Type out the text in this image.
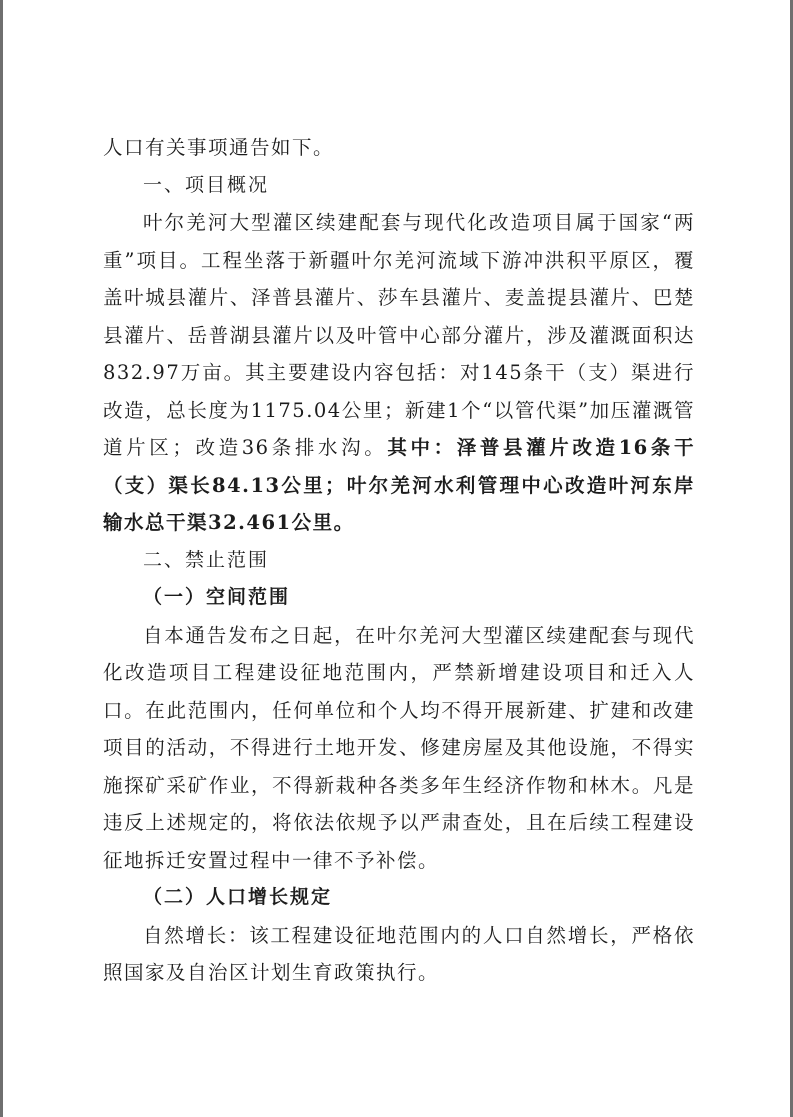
人口有关事项通告如下。

一、项目概况

叶尔羌河大型灌区续建配套与现代化改造项目属于国家“两重”项目。工程坐落于新疆叶尔羌河流域下游冲洪积平原区，覆盖叶城县灌片、泽普县灌片、莎车县灌片、麦盖提县灌片、巴楚县灌片、岳普湖县灌片以及叶管中心部分灌片，涉及灌溉面积达832.97万亩。其主要建设内容包括：对145条干（支）渠进行改造，总长度为1175.04公里；新建1个“以管代渠”加压灌溉管道片区；改造36条排水沟。其中：泽普县灌片改造16条干（支）渠长84.13公里；叶尔羌河水利管理中心改造叶河东岸输水总干渠32.461公里。

二、禁止范围

（一）空间范围

自本通告发布之日起，在叶尔羌河大型灌区续建配套与现代化改造项目工程建设征地范围内，严禁新增建设项目和迁入人口。在此范围内，任何单位和个人均不得开展新建、扩建和改建项目的活动，不得进行土地开发、修建房屋及其他设施，不得实施探矿采矿作业，不得新栽种各类多年生经济作物和林木。凡是违反上述规定的，将依法依规予以严肃查处，且在后续工程建设征地拆迁安置过程中一律不予补偿。

（二）人口增长规定

自然增长：该工程建设征地范围内的人口自然增长，严格依照国家及自治区计划生育政策执行。
